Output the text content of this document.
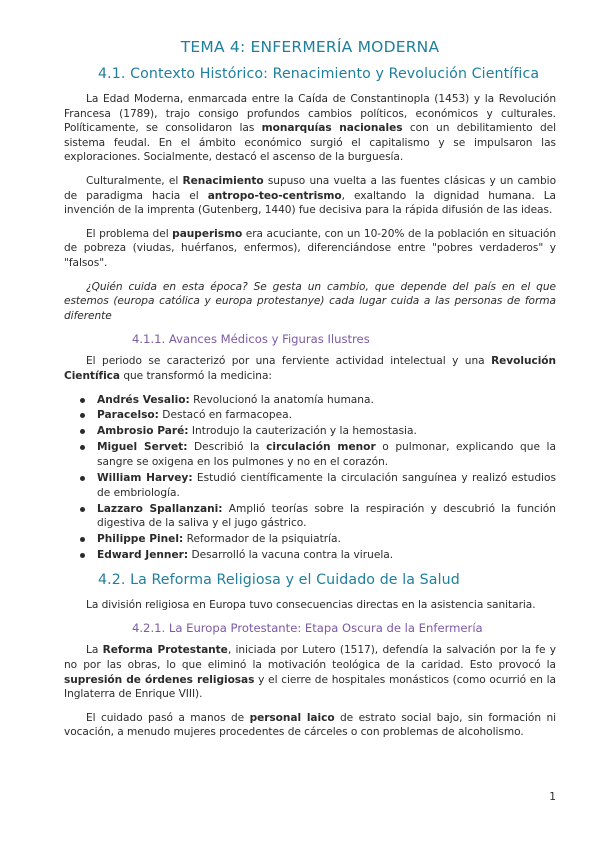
TEMA 4: ENFERMERÍA MODERNA
4.1. Contexto Histórico: Renacimiento y Revolución Científica

La Edad Moderna, enmarcada entre la Caída de Constantinopla (1453) y la Revolución Francesa (1789), trajo consigo profundos cambios políticos, económicos y culturales. Políticamente, se consolidaron las monarquías nacionales con un debilitamiento del sistema feudal. En el ámbito económico surgió el capitalismo y se impulsaron las exploraciones. Socialmente, destacó el ascenso de la burguesía.

Culturalmente, el Renacimiento supuso una vuelta a las fuentes clásicas y un cambio de paradigma hacia el antropo-teo-centrismo, exaltando la dignidad humana. La invención de la imprenta (Gutenberg, 1440) fue decisiva para la rápida difusión de las ideas.

El problema del pauperismo era acuciante, con un 10-20% de la población en situación de pobreza (viudas, huérfanos, enfermos), diferenciándose entre "pobres verdaderos" y "falsos".

¿Quién cuida en esta época? Se gesta un cambio, que depende del país en el que estemos (europa católica y europa protestanye) cada lugar cuida a las personas de forma diferente

4.1.1. Avances Médicos y Figuras Ilustres

El periodo se caracterizó por una ferviente actividad intelectual y una Revolución Científica que transformó la medicina:

Andrés Vesalio: Revolucionó la anatomía humana.
Paracelso: Destacó en farmacopea.
Ambrosio Paré: Introdujo la cauterización y la hemostasia.
Miguel Servet: Describió la circulación menor o pulmonar, explicando que la sangre se oxigena en los pulmones y no en el corazón.
William Harvey: Estudió científicamente la circulación sanguínea y realizó estudios de embriología.
Lazzaro Spallanzani: Amplió teorías sobre la respiración y descubrió la función digestiva de la saliva y el jugo gástrico.
Philippe Pinel: Reformador de la psiquiatría.
Edward Jenner: Desarrolló la vacuna contra la viruela.
4.2. La Reforma Religiosa y el Cuidado de la Salud

La división religiosa en Europa tuvo consecuencias directas en la asistencia sanitaria.

4.2.1. La Europa Protestante: Etapa Oscura de la Enfermería

La Reforma Protestante, iniciada por Lutero (1517), defendía la salvación por la fe y no por las obras, lo que eliminó la motivación teológica de la caridad. Esto provocó la supresión de órdenes religiosas y el cierre de hospitales monásticos (como ocurrió en la Inglaterra de Enrique VIII).

El cuidado pasó a manos de personal laico de estrato social bajo, sin formación ni vocación, a menudo mujeres procedentes de cárceles o con problemas de alcoholismo.

1
